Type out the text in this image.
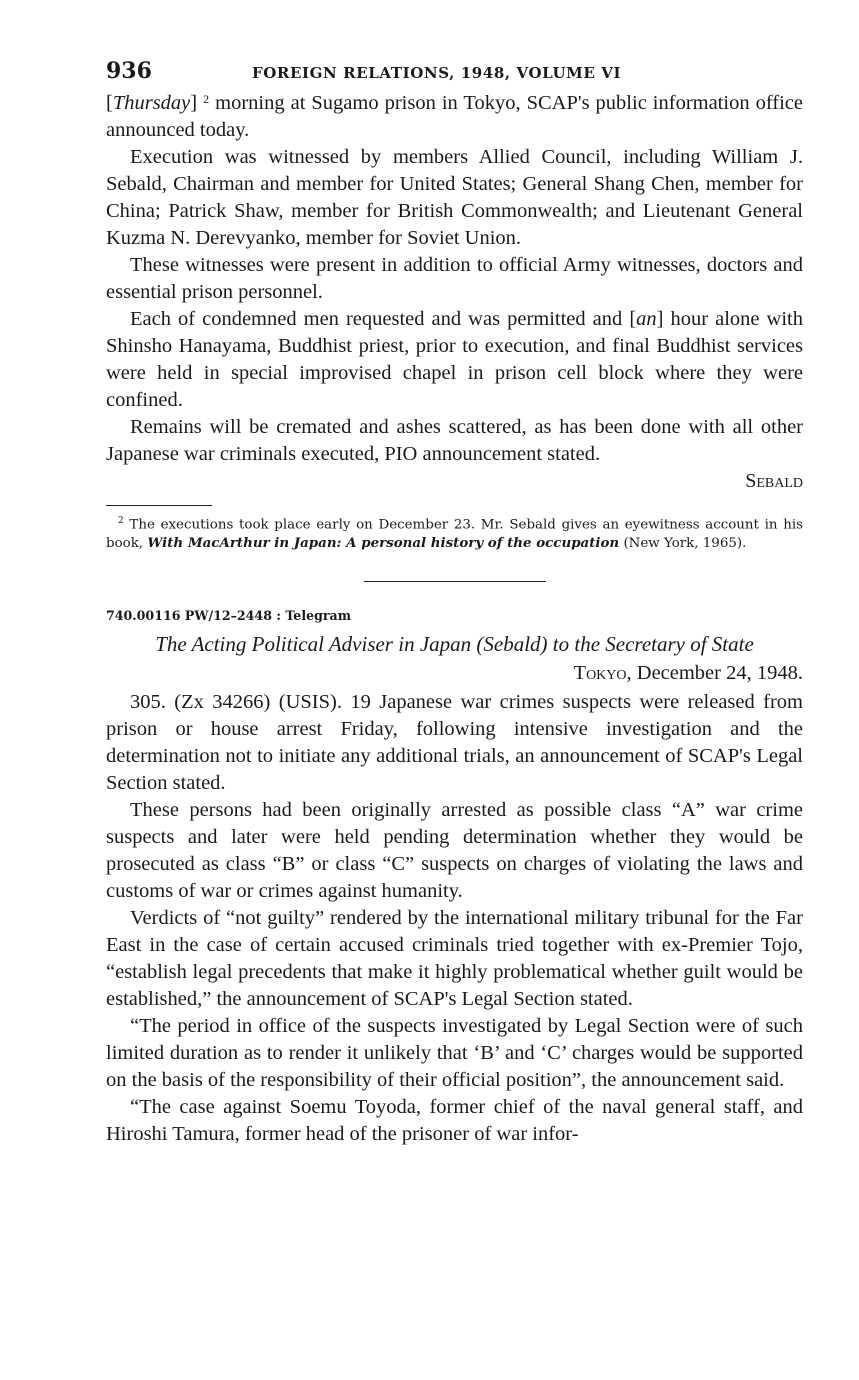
936	FOREIGN RELATIONS, 1948, VOLUME VI

[Thursday] $^2$ morning at Sugamo prison in Tokyo, SCAP's public information office announced today.

Execution was witnessed by members Allied Council, including William J. Sebald, Chairman and member for United States; General Shang Chen, member for China; Patrick Shaw, member for British Commonwealth; and Lieutenant General Kuzma N. Derevyanko, member for Soviet Union.

These witnesses were present in addition to official Army witnesses, doctors and essential prison personnel.

Each of condemned men requested and was permitted and [an] hour alone with Shinsho Hanayama, Buddhist priest, prior to execution, and final Buddhist services were held in special improvised chapel in prison cell block where they were confined.

Remains will be cremated and ashes scattered, as has been done with all other Japanese war criminals executed, PIO announcement stated.

Sebald
$^2$ The executions took place early on December 23. Mr. Sebald gives an eyewitness account in his book, With MacArthur in Japan: A personal history of the occupation (New York, 1965).
740.00116 PW/12–2448 : Telegram
The Acting Political Adviser in Japan (Sebald) to the Secretary of State
Tokyo, December 24, 1948.

305. (Zx 34266) (USIS). 19 Japanese war crimes suspects were released from prison or house arrest Friday, following intensive investigation and the determination not to initiate any additional trials, an announcement of SCAP's Legal Section stated.

These persons had been originally arrested as possible class “A” war crime suspects and later were held pending determination whether they would be prosecuted as class “B” or class “C” suspects on charges of violating the laws and customs of war or crimes against humanity.

Verdicts of “not guilty” rendered by the international military tribunal for the Far East in the case of certain accused criminals tried together with ex-Premier Tojo, “establish legal precedents that make it highly problematical whether guilt would be established,” the announcement of SCAP's Legal Section stated.

“The period in office of the suspects investigated by Legal Section were of such limited duration as to render it unlikely that ‘B’ and ‘C’ charges would be supported on the basis of the responsibility of their official position”, the announcement said.

“The case against Soemu Toyoda, former chief of the naval general staff, and Hiroshi Tamura, former head of the prisoner of war infor-
